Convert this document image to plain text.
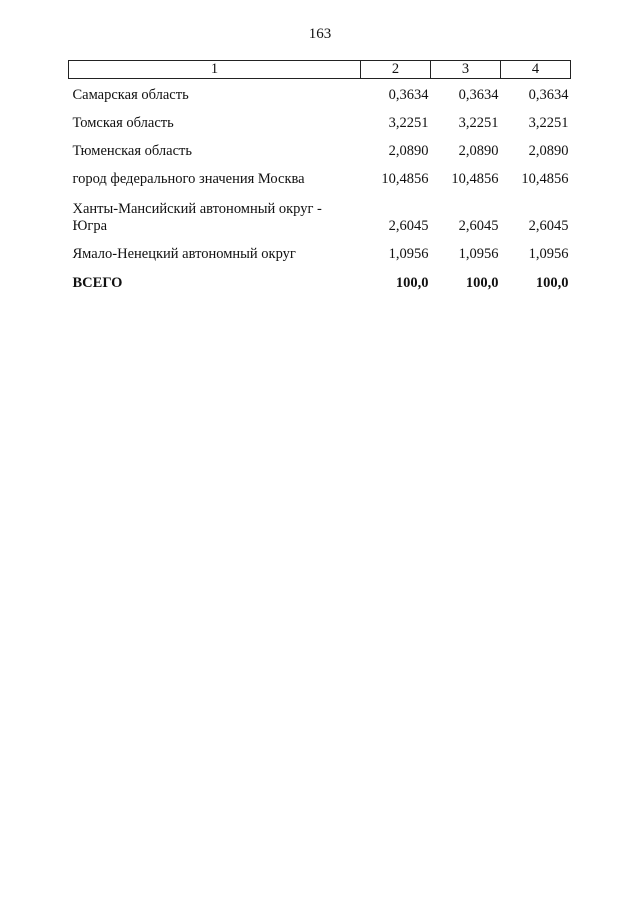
163
1	2	3	4
Самарская область	0,3634	0,3634	0,3634
Томская область	3,2251	3,2251	3,2251
Тюменская область	2,0890	2,0890	2,0890
город федерального значения Москва	10,4856	10,4856	10,4856
Ханты-Мансийский автономный округ - Югра	2,6045	2,6045	2,6045
Ямало-Ненецкий автономный округ	1,0956	1,0956	1,0956
ВСЕГО	100,0	100,0	100,0
